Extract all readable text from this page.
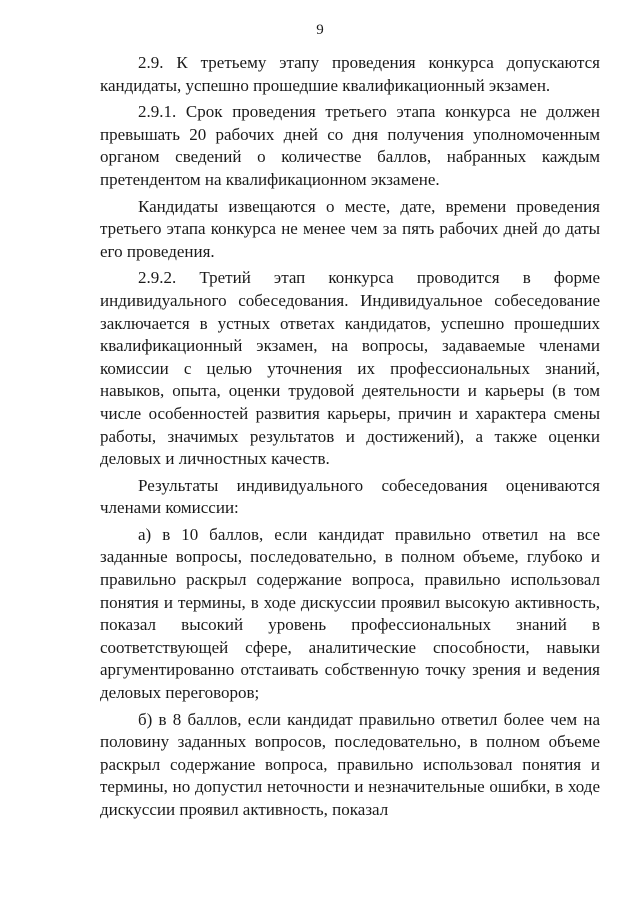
9

2.9. К третьему этапу проведения конкурса допускаются кандидаты, успешно прошедшие квалификационный экзамен.

2.9.1. Срок проведения третьего этапа конкурса не должен превышать 20 рабочих дней со дня получения уполномоченным органом сведений о количестве баллов, набранных каждым претендентом на квалификационном экзамене.

Кандидаты извещаются о месте, дате, времени проведения третьего этапа конкурса не менее чем за пять рабочих дней до даты его проведения.

2.9.2. Третий этап конкурса проводится в форме индивидуального собеседования. Индивидуальное собеседование заключается в устных ответах кандидатов, успешно прошедших квалификационный экзамен, на вопросы, задаваемые членами комиссии с целью уточнения их профессиональных знаний, навыков, опыта, оценки трудовой деятельности и карьеры (в том числе особенностей развития карьеры, причин и характера смены работы, значимых результатов и достижений), а также оценки деловых и личностных качеств.

Результаты индивидуального собеседования оцениваются членами комиссии:

а) в 10 баллов, если кандидат правильно ответил на все заданные вопросы, последовательно, в полном объеме, глубоко и правильно раскрыл содержание вопроса, правильно использовал понятия и термины, в ходе дискуссии проявил высокую активность, показал высокий уровень профессиональных знаний в соответствующей сфере, аналитические способности, навыки аргументированно отстаивать собственную точку зрения и ведения деловых переговоров;

б) в 8 баллов, если кандидат правильно ответил более чем на половину заданных вопросов, последовательно, в полном объеме раскрыл содержание вопроса, правильно использовал понятия и термины, но допустил неточности и незначительные ошибки, в ходе дискуссии проявил активность, показал
